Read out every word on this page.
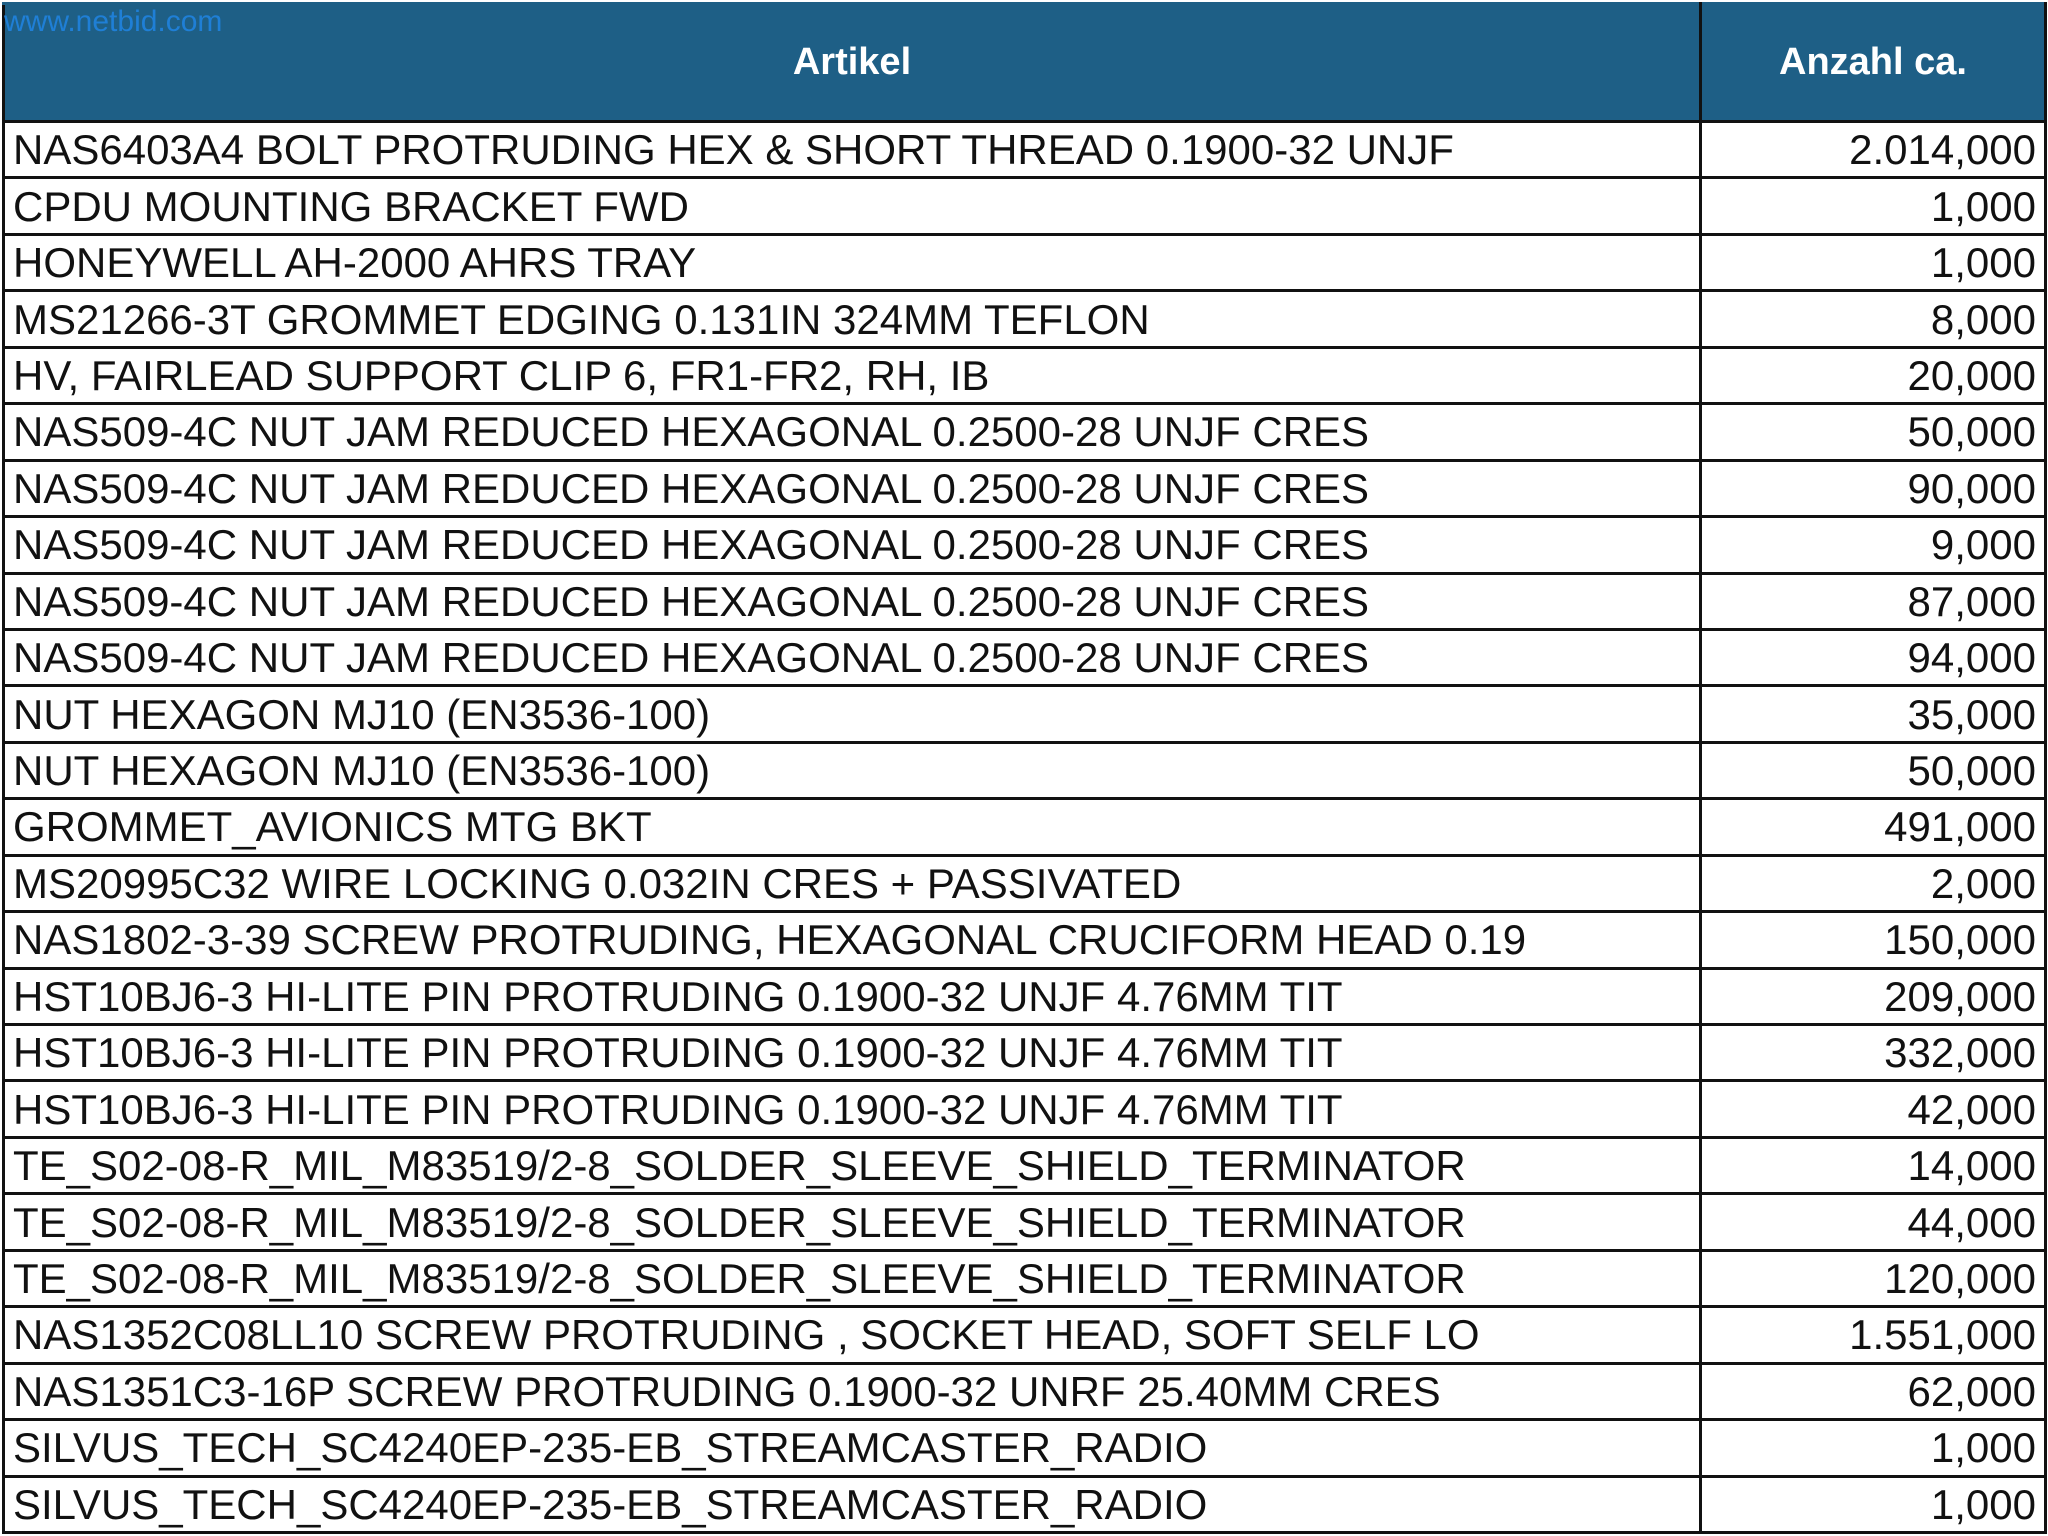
www.netbid.com
Artikel	Anzahl ca.
NAS6403A4 BOLT PROTRUDING HEX & SHORT THREAD 0.1900-32 UNJF	2.014,000
CPDU MOUNTING BRACKET FWD	1,000
HONEYWELL AH-2000 AHRS TRAY	1,000
MS21266-3T GROMMET EDGING 0.131IN 324MM TEFLON	8,000
HV, FAIRLEAD SUPPORT CLIP 6, FR1-FR2, RH, IB	20,000
NAS509-4C NUT JAM REDUCED HEXAGONAL 0.2500-28 UNJF CRES	50,000
NAS509-4C NUT JAM REDUCED HEXAGONAL 0.2500-28 UNJF CRES	90,000
NAS509-4C NUT JAM REDUCED HEXAGONAL 0.2500-28 UNJF CRES	9,000
NAS509-4C NUT JAM REDUCED HEXAGONAL 0.2500-28 UNJF CRES	87,000
NAS509-4C NUT JAM REDUCED HEXAGONAL 0.2500-28 UNJF CRES	94,000
NUT HEXAGON MJ10 (EN3536-100)	35,000
NUT HEXAGON MJ10 (EN3536-100)	50,000
GROMMET_AVIONICS MTG BKT	491,000
MS20995C32 WIRE LOCKING 0.032IN CRES + PASSIVATED	2,000
NAS1802-3-39 SCREW PROTRUDING, HEXAGONAL CRUCIFORM HEAD 0.19	150,000
HST10BJ6-3 HI-LITE PIN PROTRUDING 0.1900-32 UNJF 4.76MM TIT	209,000
HST10BJ6-3 HI-LITE PIN PROTRUDING 0.1900-32 UNJF 4.76MM TIT	332,000
HST10BJ6-3 HI-LITE PIN PROTRUDING 0.1900-32 UNJF 4.76MM TIT	42,000
TE_S02-08-R_MIL_M83519/2-8_SOLDER_SLEEVE_SHIELD_TERMINATOR	14,000
TE_S02-08-R_MIL_M83519/2-8_SOLDER_SLEEVE_SHIELD_TERMINATOR	44,000
TE_S02-08-R_MIL_M83519/2-8_SOLDER_SLEEVE_SHIELD_TERMINATOR	120,000
NAS1352C08LL10 SCREW PROTRUDING , SOCKET HEAD, SOFT SELF LO	1.551,000
NAS1351C3-16P SCREW PROTRUDING 0.1900-32 UNRF 25.40MM CRES	62,000
SILVUS_TECH_SC4240EP-235-EB_STREAMCASTER_RADIO	1,000
SILVUS_TECH_SC4240EP-235-EB_STREAMCASTER_RADIO	1,000
